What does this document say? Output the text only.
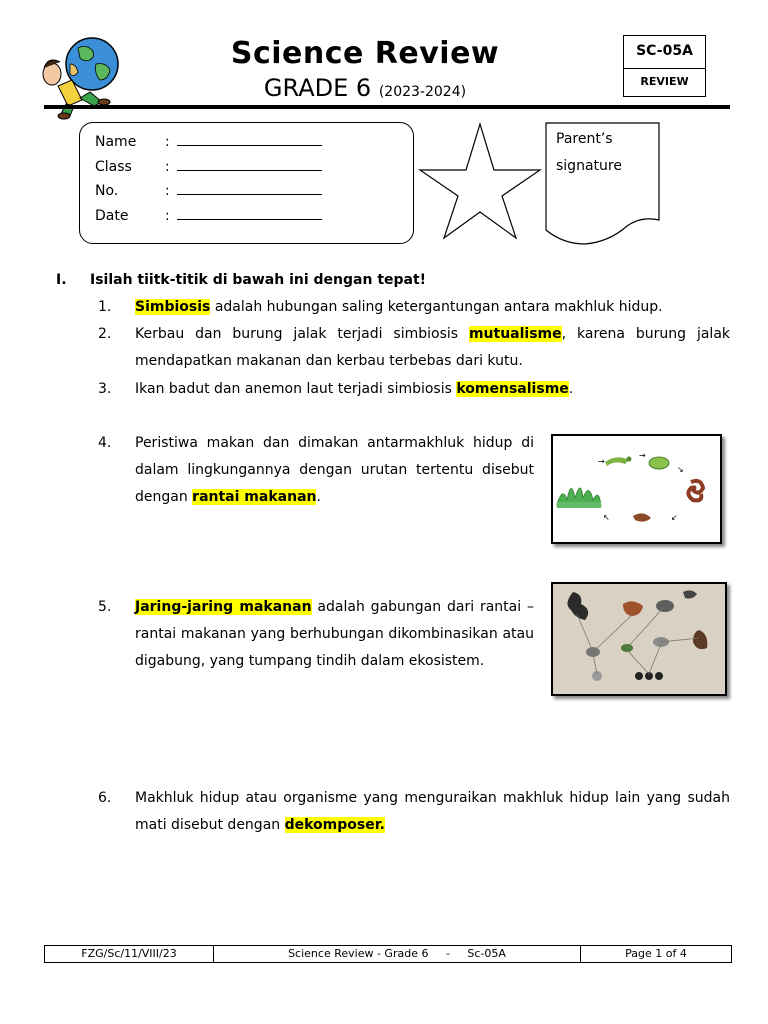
Science Review
GRADE 6 (2023-2024)
SC-05A
REVIEW
Name :
Class :
No.	:
Date	:
Parent’s
signature
I. Isilah tiitk-titik di bawah ini dengan tepat!
1. Simbiosis adalah hubungan saling ketergantungan antara makhluk hidup.
2. Kerbau dan burung jalak terjadi simbiosis mutualisme, karena burung jalak mendapatkan makanan dan kerbau terbebas dari kutu.
3. Ikan badut dan anemon laut terjadi simbiosis komensalisme.
4. Peristiwa makan dan dimakan antarmakhluk hidup di dalam lingkungannya dengan urutan tertentu disebut dengan rantai makanan.
→
→
↘
↙
↖
5. Jaring-jaring makanan adalah gabungan dari rantai – rantai makanan yang berhubungan dikombinasikan atau digabung, yang tumpang tindih dalam ekosistem.
6. Makhluk hidup atau organisme yang menguraikan makhluk hidup lain yang sudah mati disebut dengan dekomposer.
FZG/Sc/11/VIII/23	Science Review - Grade 6     -     Sc-05A	Page 1 of 4
